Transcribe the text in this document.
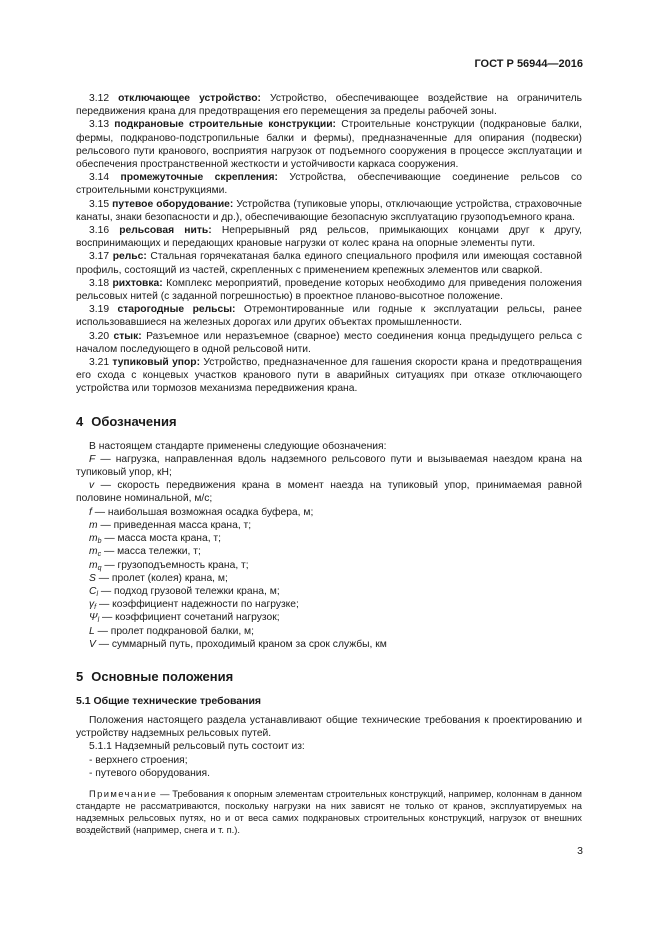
ГОСТ Р 56944—2016

3.12 отключающее устройство: Устройство, обеспечивающее воздействие на ограничитель передвижения крана для предотвращения его перемещения за пределы рабочей зоны.

3.13 подкрановые строительные конструкции: Строительные конструкции (подкрановые балки, фермы, подкраново-подстропильные балки и фермы), предназначенные для опирания (подвески) рельсового пути кранового, восприятия нагрузок от подъемного сооружения в процессе эксплуатации и обеспечения пространственной жесткости и устойчивости каркаса сооружения.

3.14 промежуточные скрепления: Устройства, обеспечивающие соединение рельсов со строительными конструкциями.

3.15 путевое оборудование: Устройства (тупиковые упоры, отключающие устройства, страховочные канаты, знаки безопасности и др.), обеспечивающие безопасную эксплуатацию грузоподъемного крана.

3.16 рельсовая нить: Непрерывный ряд рельсов, примыкающих концами друг к другу, воспринимающих и передающих крановые нагрузки от колес крана на опорные элементы пути.

3.17 рельс: Стальная горячекатаная балка единого специального профиля или имеющая составной профиль, состоящий из частей, скрепленных с применением крепежных элементов или сваркой.

3.18 рихтовка: Комплекс мероприятий, проведение которых необходимо для приведения положения рельсовых нитей (с заданной погрешностью) в проектное планово-высотное положение.

3.19 старогодные рельсы: Отремонтированные или годные к эксплуатации рельсы, ранее использовавшиеся на железных дорогах или других объектах промышленности.

3.20 стык: Разъемное или неразъемное (сварное) место соединения конца предыдущего рельса с началом последующего в одной рельсовой нити.

3.21 тупиковый упор: Устройство, предназначенное для гашения скорости крана и предотвращения его схода с концевых участков кранового пути в аварийных ситуациях при отказе отключающего устройства или тормозов механизма передвижения крана.

4 Обозначения

В настоящем стандарте применены следующие обозначения:

F — нагрузка, направленная вдоль надземного рельсового пути и вызываемая наездом крана на тупиковый упор, кН;

v — скорость передвижения крана в момент наезда на тупиковый упор, принимаемая равной половине номинальной, м/с;

f — наибольшая возможная осадка буфера, м;

m — приведенная масса крана, т;

$m_b$ — масса моста крана, т;

$m_c$ — масса тележки, т;

$m_q$ — грузоподъемность крана, т;

S — пролет (колея) крана, м;

$C_l$ — подход грузовой тележки крана, м;

$\gamma_f$ — коэффициент надежности по нагрузке;

$\Psi_l$ — коэффициент сочетаний нагрузок;

L — пролет подкрановой балки, м;

V — суммарный путь, проходимый краном за срок службы, км

5 Основные положения
5.1 Общие технические требования

Положения настоящего раздела устанавливают общие технические требования к проектированию и устройству надземных рельсовых путей.

5.1.1 Надземный рельсовый путь состоит из:

- верхнего строения;

- путевого оборудования.

Примечание — Требования к опорным элементам строительных конструкций, например, колоннам в данном стандарте не рассматриваются, поскольку нагрузки на них зависят не только от кранов, эксплуатируемых на надземных рельсовых путях, но и от веса самих подкрановых строительных конструкций, нагрузок от внешних воздействий (например, снега и т. п.).
3
